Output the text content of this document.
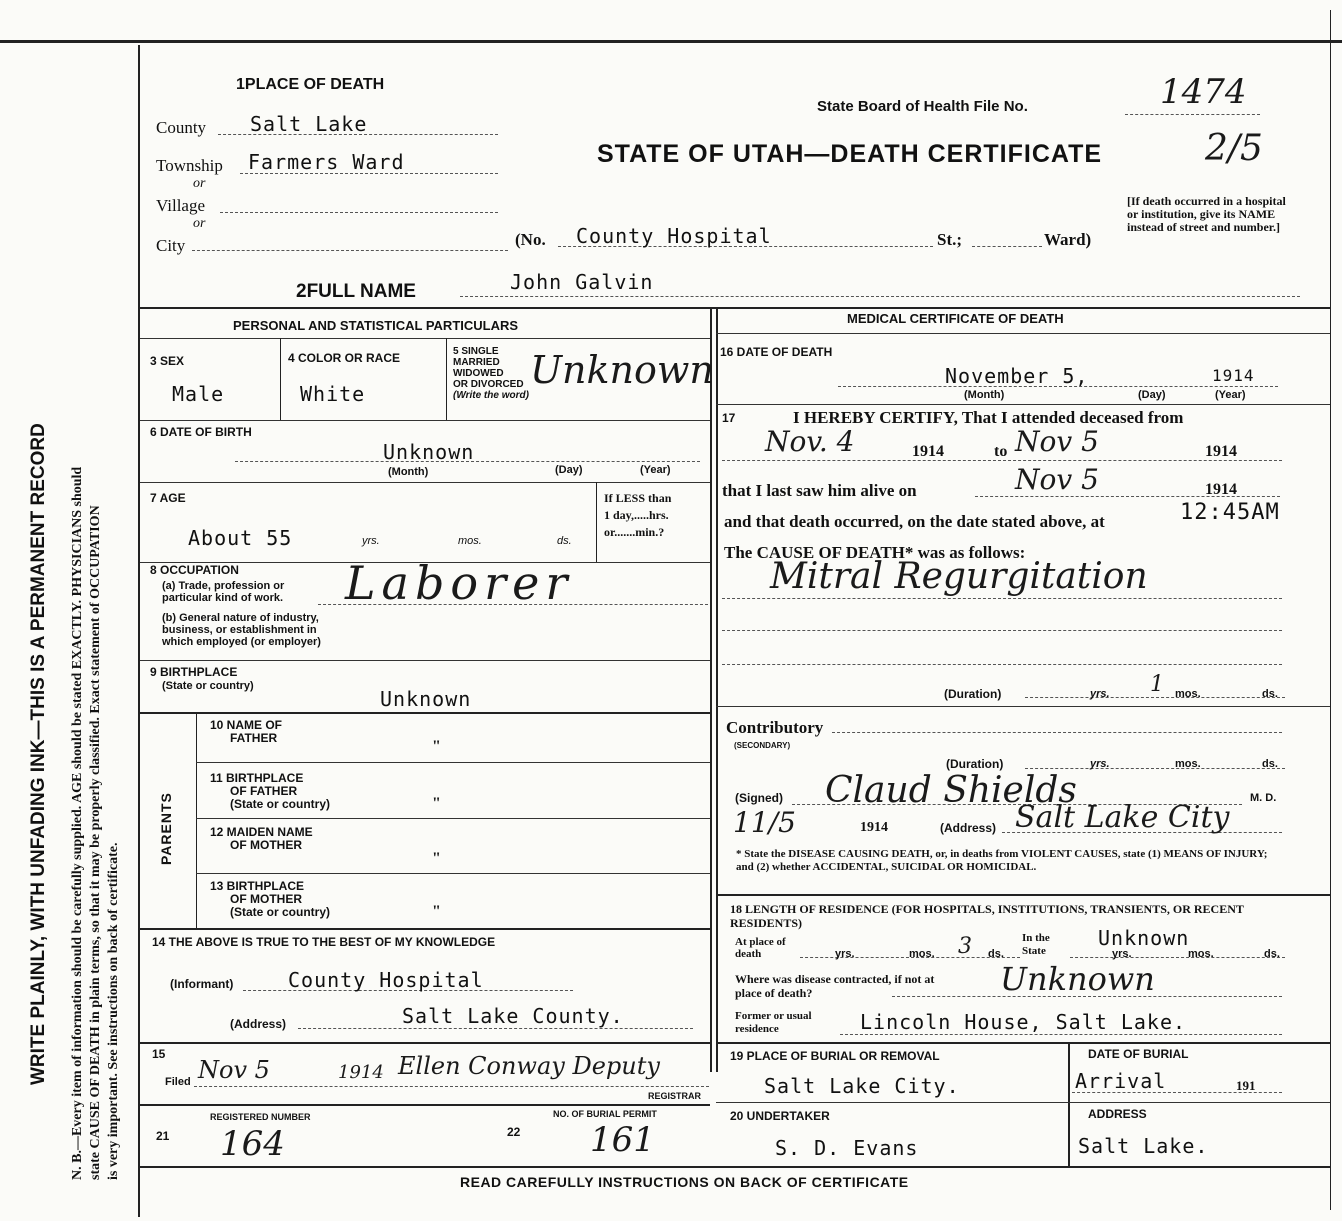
WRITE PLAINLY, WITH UNFADING INK—THIS IS A PERMANENT RECORD N. B.—Every item of information should be carefully supplied. AGE should be stated EXACTLY. PHYSICIANS should state CAUSE OF DEATH in plain terms, so that it may be properly classified. Exact statement of OCCUPATION is very important. See instructions on back of certificate.
1PLACE OF DEATH
State Board of Health File No.	1474
2/5
STATE OF UTAH—DEATH CERTIFICATE
County Salt Lake
Township Farmers Ward
or
Village
or
City	(No. County Hospital	St.;	Ward)
[If death occurred in a hospital or institution, give its NAME instead of street and number.]
2FULL NAME	John Galvin
PERSONAL AND STATISTICAL PARTICULARS
3 SEX
Male
4 COLOR OR RACE
White
5 SINGLE
MARRIED
WIDOWED
OR DIVORCED
(Write the word)
Unknown
6 DATE OF BIRTH
Unknown
(Month)	(Day)	(Year)
7 AGE
About 55	yrs.	mos.	ds.
If LESS than
1 day,.....hrs.
or.......min.?
8 OCCUPATION
(a) Trade, profession or
particular kind of work.
(b) General nature of industry,
business, or establishment in
which employed (or employer)
Laborer
9 BIRTHPLACE
(State or country)
Unknown
PARENTS
10 NAME OF
FATHER	"
11 BIRTHPLACE
OF FATHER
(State or country)	"
12 MAIDEN NAME
OF MOTHER
"
13 BIRTHPLACE
OF MOTHER
(State or country)	"
14 THE ABOVE IS TRUE TO THE BEST OF MY KNOWLEDGE
(Informant)	County Hospital
(Address)	Salt Lake County.
15
Filed Nov 5	1914 Ellen Conway Deputy
REGISTRAR
REGISTERED NUMBER
21 164
NO. OF BURIAL PERMIT
22 161
MEDICAL CERTIFICATE OF DEATH
16 DATE OF DEATH
November 5,	1914
(Month)	(Day)	(Year)
17	I HEREBY CERTIFY, That I attended deceased from
Nov. 4	1914	to Nov 5	1914
that I last saw him alive on	Nov 5	1914
and that death occurred, on the date stated above, at	12:45AM
The CAUSE OF DEATH* was as follows:
Mitral Regurgitation
(Duration)	yrs. 1 mos.	ds.
Contributory
(SECONDARY)
(Duration)	yrs.	mos.	ds.
(Signed) Claud Shields	M. D.
11/5	1914	(Address) Salt Lake City
* State the DISEASE CAUSING DEATH, or, in deaths from VIOLENT CAUSES, state (1) MEANS OF INJURY; and (2) whether ACCIDENTAL, SUICIDAL OR HOMICIDAL.
18 LENGTH OF RESIDENCE (FOR HOSPITALS, INSTITUTIONS, TRANSIENTS, OR RECENT RESIDENTS)
At place of death	yrs.	mos. 3 ds.
In the State
Unknown
yrs.	mos.	ds.
Where was disease contracted, if not at place of death?	Unknown
Former or usual residence	Lincoln House, Salt Lake.
19 PLACE OF BURIAL OR REMOVAL
Salt Lake City.
DATE OF BURIAL
Arrival	191
20 UNDERTAKER
S. D. Evans
ADDRESS
Salt Lake.
READ CAREFULLY INSTRUCTIONS ON BACK OF CERTIFICATE
